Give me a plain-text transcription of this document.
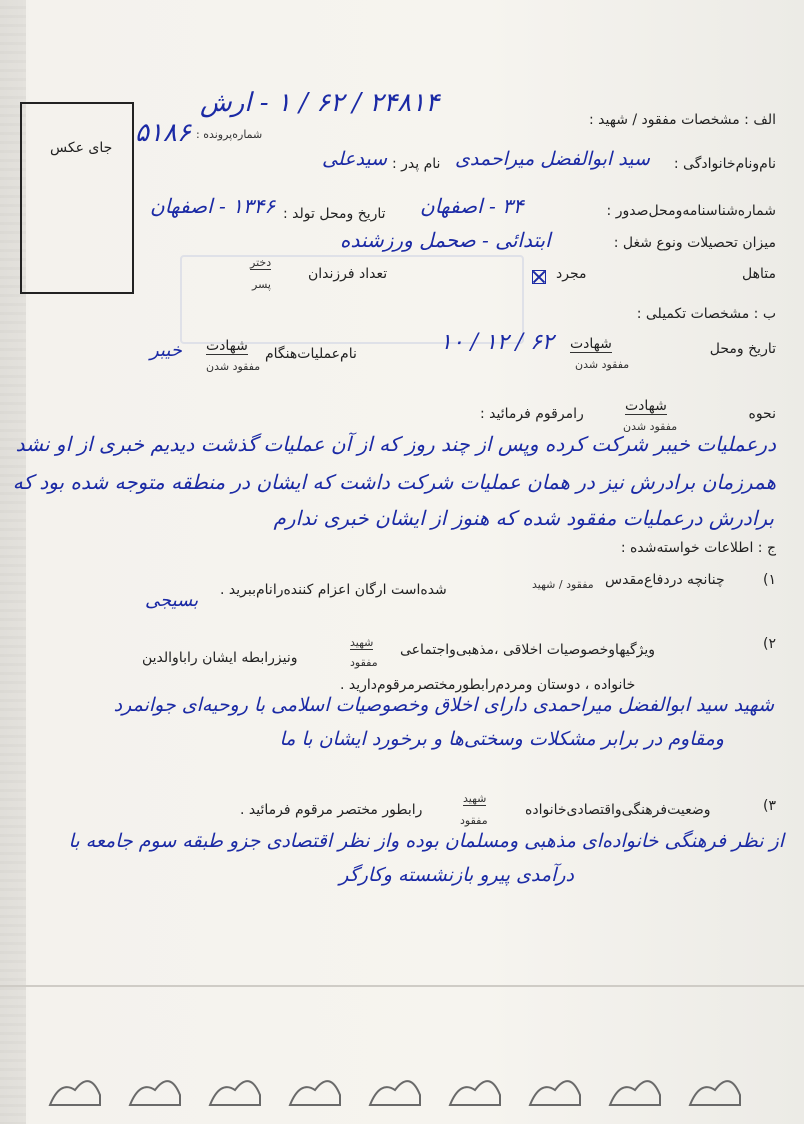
۲۴۸۱۴ / ۶۲ / ۱ - ارش
جای عکس ۵۱۸۶ شماره‌پرونده :
الف : مشخصات مفقود / شهید :
نام‌ونام‌خانوادگی :
سید ابوالفضل میراحمدی
نام پدر :
سیدعلی
شماره‌شناسنامه‌ومحل‌صدور :
۳۴ - اصفهان
تاریخ ومحل تولد :
۱۳۴۶ - اصفهان
میزان تحصیلات ونوع شغل :
ابتدائی - صحمل ورزشنده
متاهل
مجرد
تعداد فرزندان
دختر
پسر
ب : مشخصات تکمیلی :
تاریخ ومحل
شهادت
مفقود شدن
۶۲ / ۱۲ / ۱۰
نام‌عملیات‌هنگام
شهادت
مفقود شدن
خیبر
نحوه
شهادت
مفقود شدن
رامرقوم فرمائید :
درعملیات خیبر شرکت کرده وپس از چند روز که از آن عملیات گذشت دیدیم خبری از او نشد
همرزمان برادرش نیز در همان عملیات شرکت داشت که ایشان در منطقه متوجه شده بود که
برادرش درعملیات مفقود شده که هنوز از ایشان خبری ندارم
ج : اطلاعات خواسته‌شده :
۱)
چنانچه دردفاع‌مقدس
مفقود / شهید
شده‌است ارگان اعزام کننده‌رانام‌ببرید .
بسیجی
۲)
ویژگیها‌وخصوصیات اخلاقی ،مذهبی‌واجتماعی
شهید
مفقود
ونیزرابطه ایشان رابا‌والدین
خانواده ، دوستان ومردم‌رابطور‌مختصرمرقوم‌دارید .
شهید سید ابوالفضل میراحمدی دارای اخلاق وخصوصیات اسلامی با روحیه‌ای جوانمرد
ومقاوم در برابر مشکلات وسختی‌ها و برخورد ایشان با ما
۳)
وضعیت‌فرهنگی‌واقتصادی‌خانواده
شهید
مفقود
رابطور مختصر مرقوم فرمائید .
از نظر فرهنگی خانواده‌ای مذهبی ومسلمان بوده واز نظر اقتصادی جزو طبقه سوم جامعه با
درآمدی پیرو بازنشسته وکارگر
